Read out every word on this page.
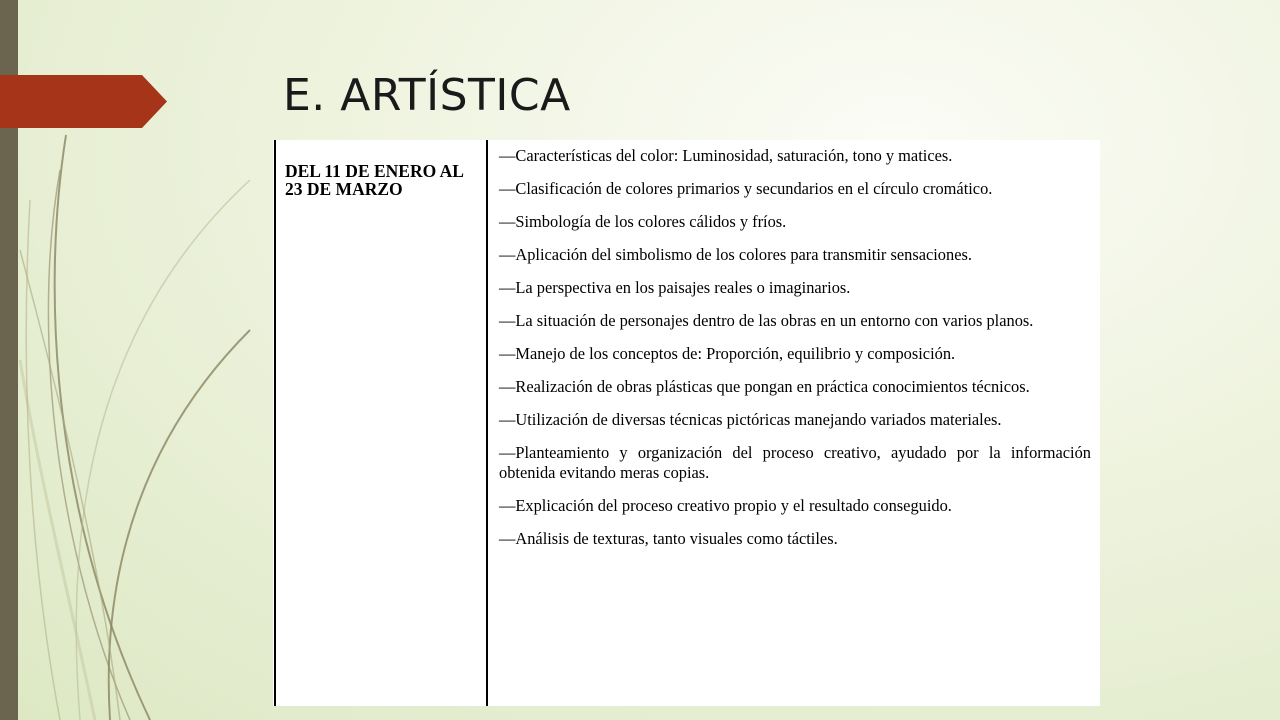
E. ARTÍSTICA
DEL 11 DE ENERO AL 23 DE MARZO

—Características del color: Luminosidad, saturación, tono y matices.

—Clasificación de colores primarios y secundarios en el círculo cromático.

—Simbología de los colores cálidos y fríos.

—Aplicación del simbolismo de los colores para transmitir sensaciones.

—La perspectiva en los paisajes reales o imaginarios.

—La situación de personajes dentro de las obras en un entorno con varios planos.

—Manejo de los conceptos de: Proporción, equilibrio y composición.

—Realización de obras plásticas que pongan en práctica conocimientos técnicos.

—Utilización de diversas técnicas pictóricas manejando variados materiales.

—Planteamiento y organización del proceso creativo, ayudado por la información obtenida evitando meras copias.

—Explicación del proceso creativo propio y el resultado conseguido.

—Análisis de texturas, tanto visuales como táctiles.
